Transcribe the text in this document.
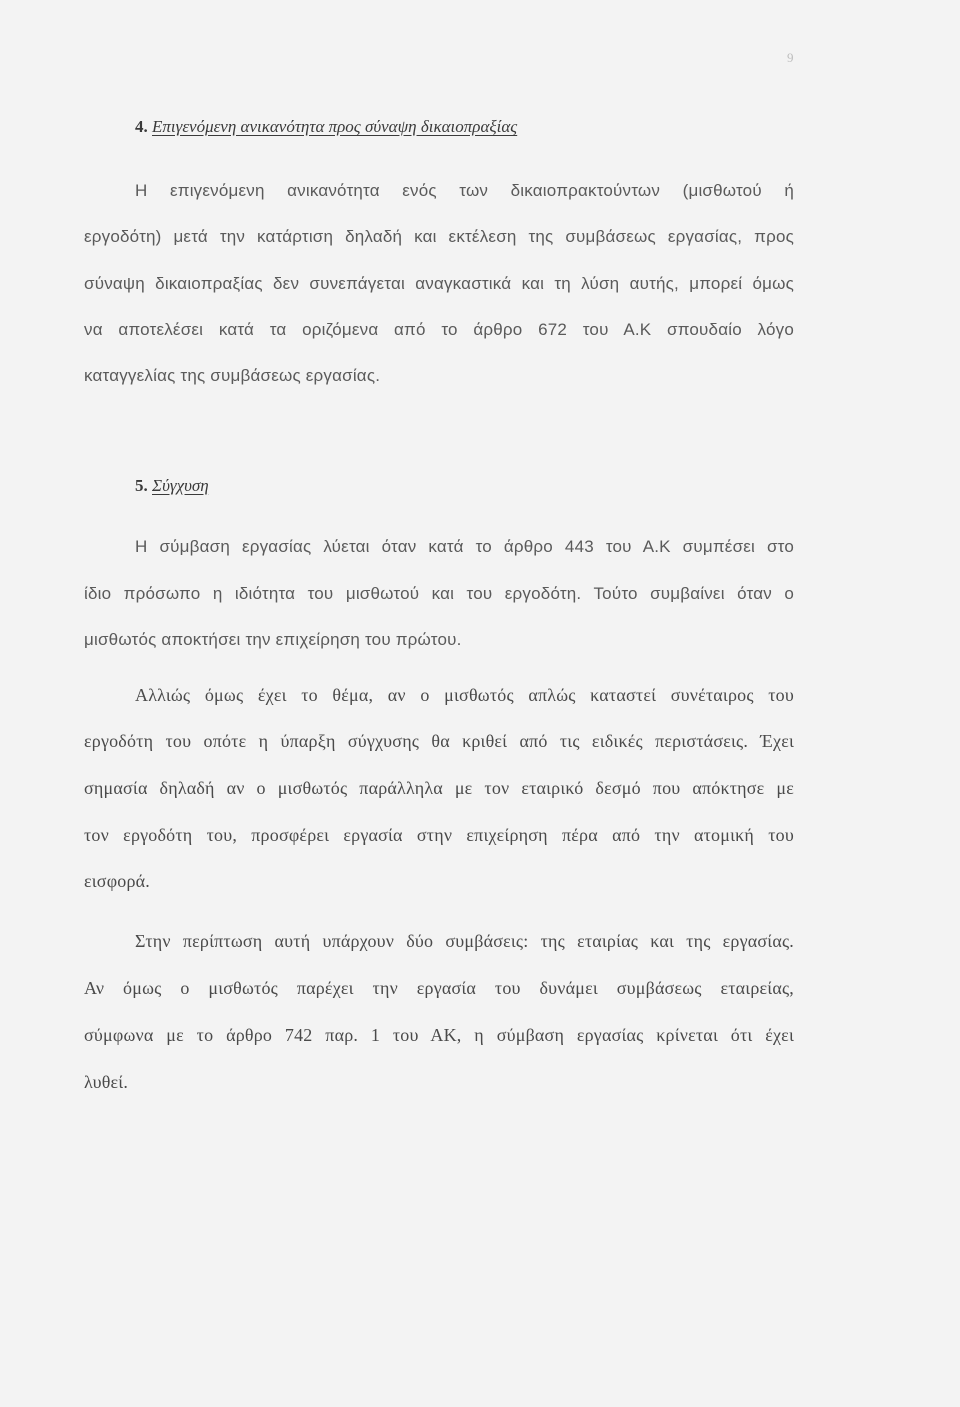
9
4. Επιγενόμενη ανικανότητα προς σύναψη δικαιοπραξίας
Η επιγενόμενη ανικανότητα ενός των δικαιοπρακτούντων (μισθωτού ή
εργοδότη) μετά την κατάρτιση δηλαδή και εκτέλεση της συμβάσεως εργασίας, προς
σύναψη δικαιοπραξίας δεν συνεπάγεται αναγκαστικά και τη λύση αυτής, μπορεί όμως
να αποτελέσει κατά τα οριζόμενα από το άρθρο 672 του Α.Κ σπουδαίο λόγο
καταγγελίας της συμβάσεως εργασίας.
5. Σύγχυση
Η σύμβαση εργασίας λύεται όταν κατά το άρθρο 443 του Α.Κ συμπέσει στο
ίδιο πρόσωπο η ιδιότητα του μισθωτού και του εργοδότη. Τούτο συμβαίνει όταν ο
μισθωτός αποκτήσει την επιχείρηση του πρώτου.
Αλλιώς όμως έχει το θέμα, αν ο μισθωτός απλώς καταστεί συνέταιρος του
εργοδότη του οπότε η ύπαρξη σύγχυσης θα κριθεί από τις ειδικές περιστάσεις. Έχει
σημασία δηλαδή αν ο μισθωτός παράλληλα με τον εταιρικό δεσμό που απόκτησε με
τον εργοδότη του, προσφέρει εργασία στην επιχείρηση πέρα από την ατομική του
εισφορά.
Στην περίπτωση αυτή υπάρχουν δύο συμβάσεις: της εταιρίας και της εργασίας.
Αν όμως ο μισθωτός παρέχει την εργασία του δυνάμει συμβάσεως εταιρείας,
σύμφωνα με το άρθρο 742 παρ. 1 του ΑΚ, η σύμβαση εργασίας κρίνεται ότι έχει
λυθεί.
